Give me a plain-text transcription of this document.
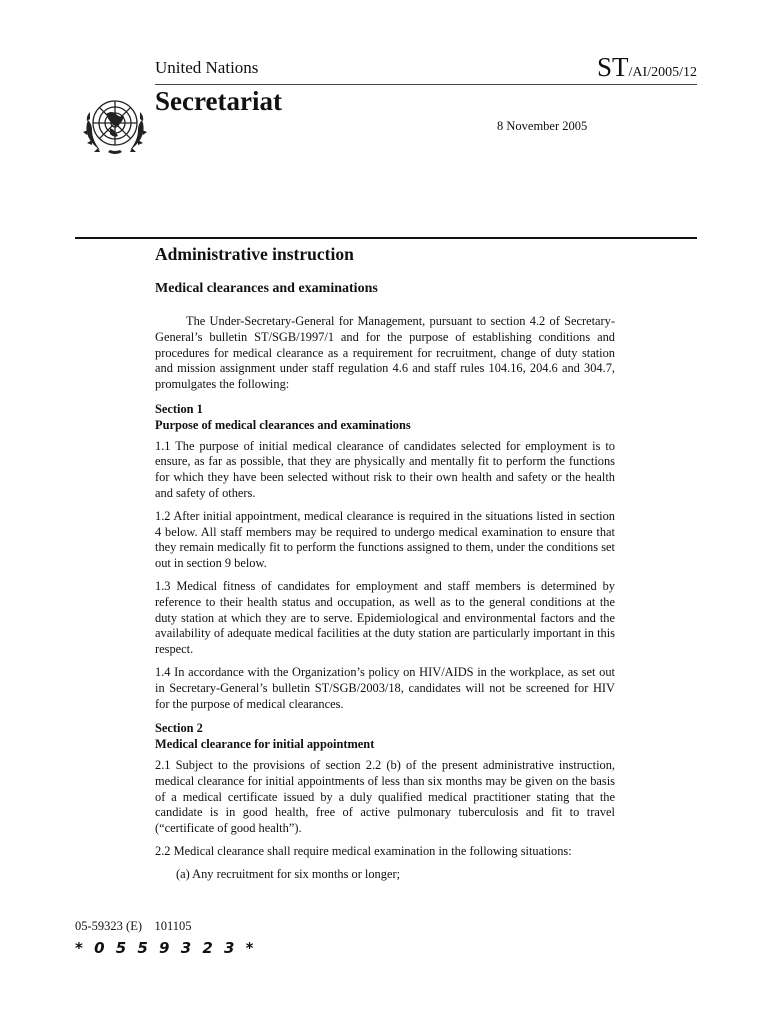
United Nations	ST/AI/2005/12
Secretariat
8 November 2005
Administrative instruction
Medical clearances and examinations

The Under-Secretary-General for Management, pursuant to section 4.2 of Secretary-General’s bulletin ST/SGB/1997/1 and for the purpose of establishing conditions and procedures for medical clearance as a requirement for recruitment, change of duty station and mission assignment under staff regulation 4.6 and staff rules 104.16, 204.6 and 304.7, promulgates the following:

Section 1
Purpose of medical clearances and examinations

1.1 The purpose of initial medical clearance of candidates selected for employment is to ensure, as far as possible, that they are physically and mentally fit to perform the functions for which they have been selected without risk to their own health and safety or the health and safety of others.

1.2 After initial appointment, medical clearance is required in the situations listed in section 4 below. All staff members may be required to undergo medical examination to ensure that they remain medically fit to perform the functions assigned to them, under the conditions set out in section 9 below.

1.3 Medical fitness of candidates for employment and staff members is determined by reference to their health status and occupation, as well as to the general conditions at the duty station at which they are to serve. Epidemiological and environmental factors and the availability of adequate medical facilities at the duty station are particularly important in this respect.

1.4 In accordance with the Organization’s policy on HIV/AIDS in the workplace, as set out in Secretary-General’s bulletin ST/SGB/2003/18, candidates will not be screened for HIV for the purpose of medical clearances.

Section 2
Medical clearance for initial appointment

2.1 Subject to the provisions of section 2.2 (b) of the present administrative instruction, medical clearance for initial appointments of less than six months may be given on the basis of a medical certificate issued by a duly qualified medical practitioner stating that the candidate is in good health, free of active pulmonary tuberculosis and fit to travel (“certificate of good health”).

2.2 Medical clearance shall require medical examination in the following situations:

(a) Any recruitment for six months or longer;

05-59323 (E)    101105
* 0 5 5 9 3 2 3 *
